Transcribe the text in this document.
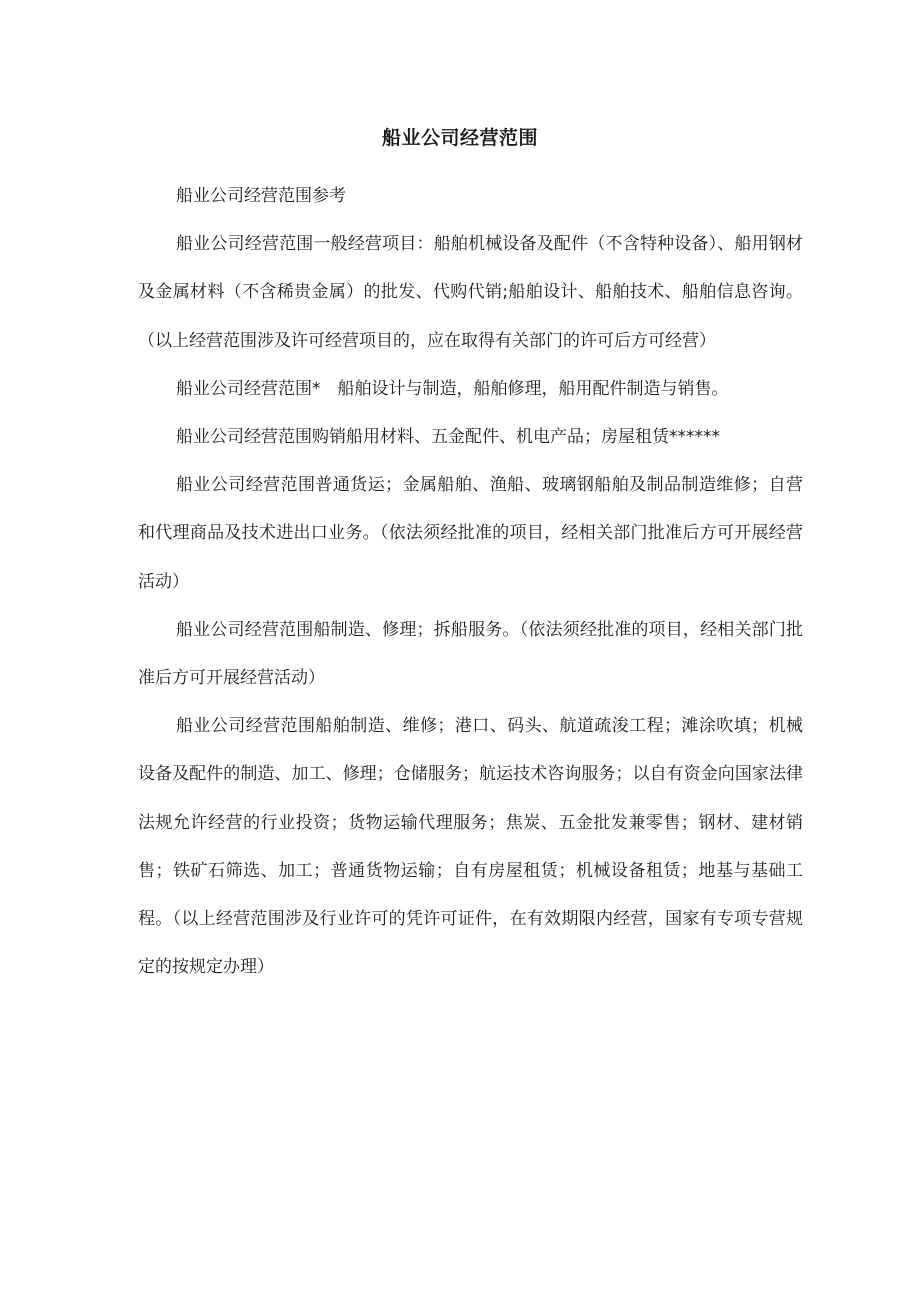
船业公司经营范围

船业公司经营范围参考

船业公司经营范围一般经营项目：船舶机械设备及配件（不含特种设备）、船用钢材及金属材料（不含稀贵金属）的批发、代购代销;船舶设计、船舶技术、船舶信息咨询。（以上经营范围涉及许可经营项目的，应在取得有关部门的许可后方可经营）

船业公司经营范围*　船舶设计与制造，船舶修理，船用配件制造与销售。

船业公司经营范围购销船用材料、五金配件、机电产品；房屋租赁******

船业公司经营范围普通货运；金属船舶、渔船、玻璃钢船舶及制品制造维修；自营和代理商品及技术进出口业务。（依法须经批准的项目，经相关部门批准后方可开展经营活动）

船业公司经营范围船制造、修理；拆船服务。（依法须经批准的项目，经相关部门批准后方可开展经营活动）

船业公司经营范围船舶制造、维修；港口、码头、航道疏浚工程；滩涂吹填；机械设备及配件的制造、加工、修理；仓储服务；航运技术咨询服务；以自有资金向国家法律法规允许经营的行业投资；货物运输代理服务；焦炭、五金批发兼零售；钢材、建材销售；铁矿石筛选、加工；普通货物运输；自有房屋租赁；机械设备租赁；地基与基础工程。（以上经营范围涉及行业许可的凭许可证件，在有效期限内经营，国家有专项专营规定的按规定办理）
